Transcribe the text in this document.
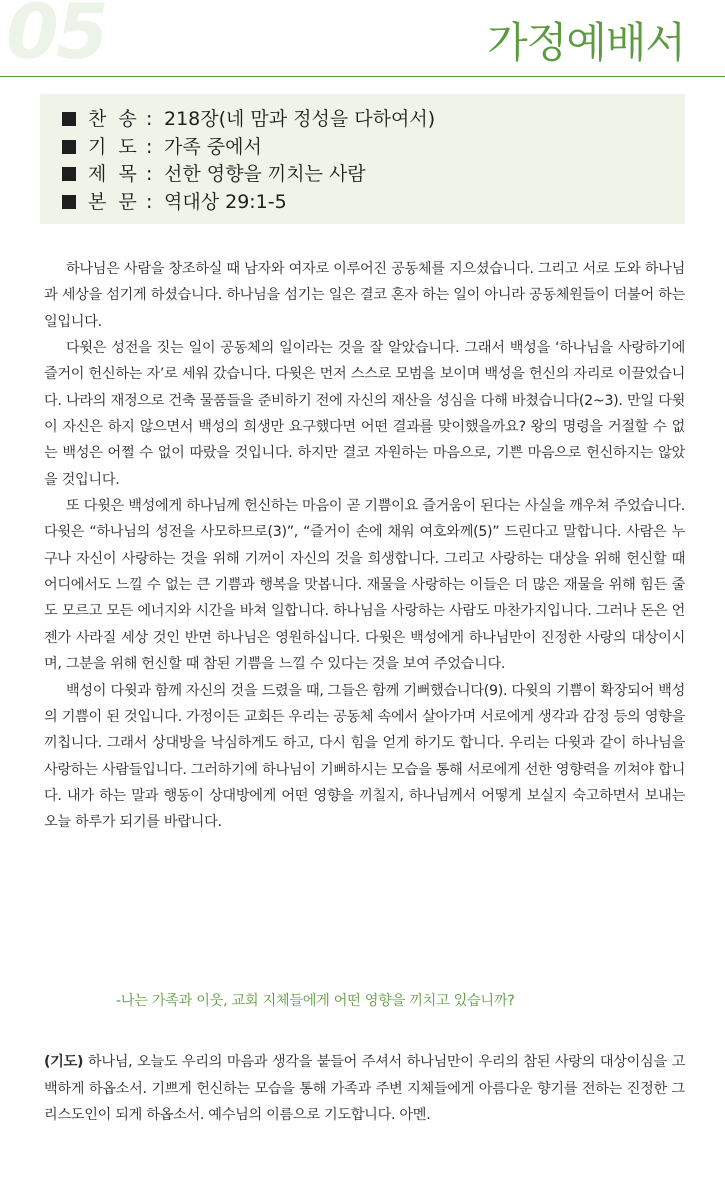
05	가정예배서
찬  송 : 218장(네 맘과 정성을 다하여서)
기  도 : 가족 중에서
제  목 : 선한 영향을 끼치는 사람
본  문 : 역대상 29:1-5

하나님은 사람을 창조하실 때 남자와 여자로 이루어진 공동체를 지으셨습니다. 그리고 서로 도와 하나님과 세상을 섬기게 하셨습니다. 하나님을 섬기는 일은 결코 혼자 하는 일이 아니라 공동체원들이 더불어 하는 일입니다.

다윗은 성전을 짓는 일이 공동체의 일이라는 것을 잘 알았습니다. 그래서 백성을 ‘하나님을 사랑하기에 즐거이 헌신하는 자’로 세워 갔습니다. 다윗은 먼저 스스로 모범을 보이며 백성을 헌신의 자리로 이끌었습니다. 나라의 재정으로 건축 물품들을 준비하기 전에 자신의 재산을 성심을 다해 바쳤습니다(2~3). 만일 다윗이 자신은 하지 않으면서 백성의 희생만 요구했다면 어떤 결과를 맞이했을까요? 왕의 명령을 거절할 수 없는 백성은 어쩔 수 없이 따랐을 것입니다. 하지만 결코 자원하는 마음으로, 기쁜 마음으로 헌신하지는 않았을 것입니다.

또 다윗은 백성에게 하나님께 헌신하는 마음이 곧 기쁨이요 즐거움이 된다는 사실을 깨우쳐 주었습니다. 다윗은 “하나님의 성전을 사모하므로(3)”, “즐거이 손에 채워 여호와께(5)” 드린다고 말합니다. 사람은 누구나 자신이 사랑하는 것을 위해 기꺼이 자신의 것을 희생합니다. 그리고 사랑하는 대상을 위해 헌신할 때 어디에서도 느낄 수 없는 큰 기쁨과 행복을 맛봅니다. 재물을 사랑하는 이들은 더 많은 재물을 위해 힘든 줄도 모르고 모든 에너지와 시간을 바쳐 일합니다. 하나님을 사랑하는 사람도 마찬가지입니다. 그러나 돈은 언젠가 사라질 세상 것인 반면 하나님은 영원하십니다. 다윗은 백성에게 하나님만이 진정한 사랑의 대상이시며, 그분을 위해 헌신할 때 참된 기쁨을 느낄 수 있다는 것을 보여 주었습니다.

백성이 다윗과 함께 자신의 것을 드렸을 때, 그들은 함께 기뻐했습니다(9). 다윗의 기쁨이 확장되어 백성의 기쁨이 된 것입니다. 가정이든 교회든 우리는 공동체 속에서 살아가며 서로에게 생각과 감정 등의 영향을 끼칩니다. 그래서 상대방을 낙심하게도 하고, 다시 힘을 얻게 하기도 합니다. 우리는 다윗과 같이 하나님을 사랑하는 사람들입니다. 그러하기에 하나님이 기뻐하시는 모습을 통해 서로에게 선한 영향력을 끼쳐야 합니다. 내가 하는 말과 행동이 상대방에게 어떤 영향을 끼칠지, 하나님께서 어떻게 보실지 숙고하면서 보내는 오늘 하루가 되기를 바랍니다.

-나는 가족과 이웃, 교회 지체들에게 어떤 영향을 끼치고 있습니까?
(기도) 하나님, 오늘도 우리의 마음과 생각을 붙들어 주셔서 하나님만이 우리의 참된 사랑의 대상이심을 고백하게 하옵소서. 기쁘게 헌신하는 모습을 통해 가족과 주변 지체들에게 아름다운 향기를 전하는 진정한 그리스도인이 되게 하옵소서. 예수님의 이름으로 기도합니다. 아멘.
